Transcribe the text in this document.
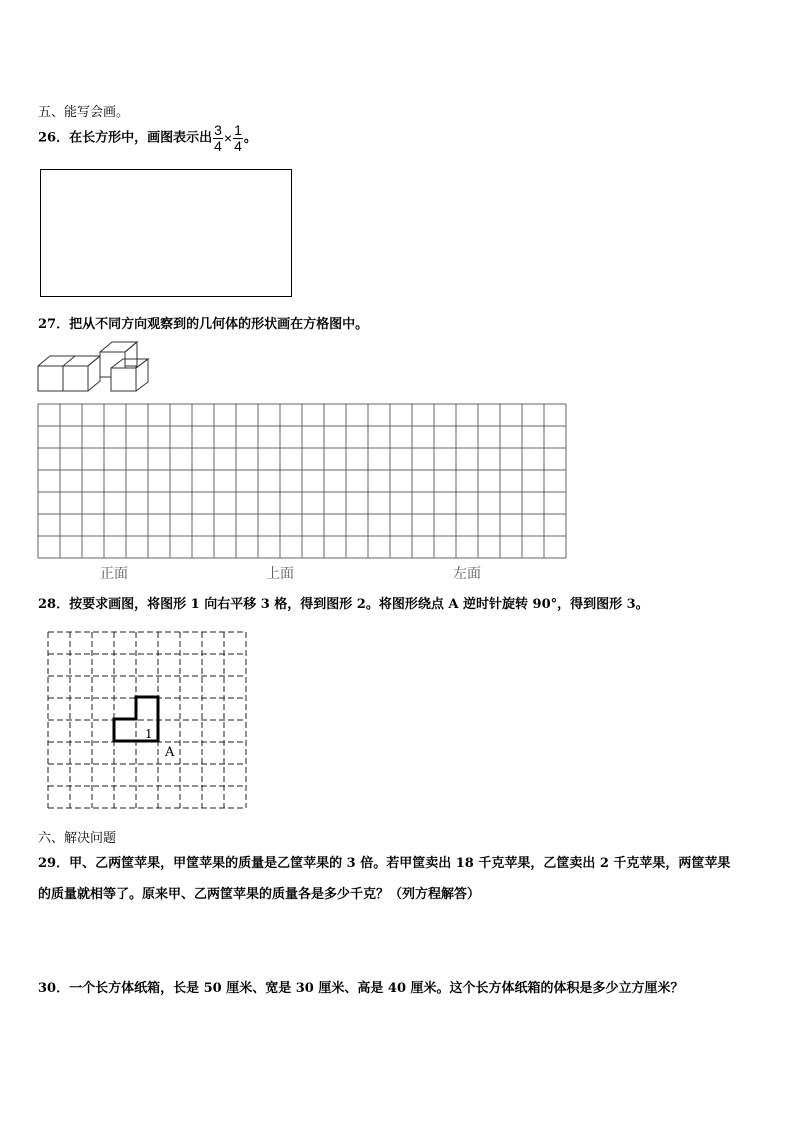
五、能写会画。
26．在长方形中，画图表示出 $\frac{3}{4} \times \frac{1}{4}$ 。
27．把从不同方向观察到的几何体的形状画在方格图中。
正面	上面	左面
28．按要求画图，将图形 1 向右平移 3 格，得到图形 2。将图形绕点 A 逆时针旋转 90°，得到图形 3。
1
A
六、解决问题
29．甲、乙两筐苹果，甲筐苹果的质量是乙筐苹果的 3 倍。若甲筐卖出 18 千克苹果，乙筐卖出 2 千克苹果，两筐苹果
的质量就相等了。原来甲、乙两筐苹果的质量各是多少千克？（列方程解答）
30．一个长方体纸箱，长是 50 厘米、宽是 30 厘米、高是 40 厘米。这个长方体纸箱的体积是多少立方厘米？
